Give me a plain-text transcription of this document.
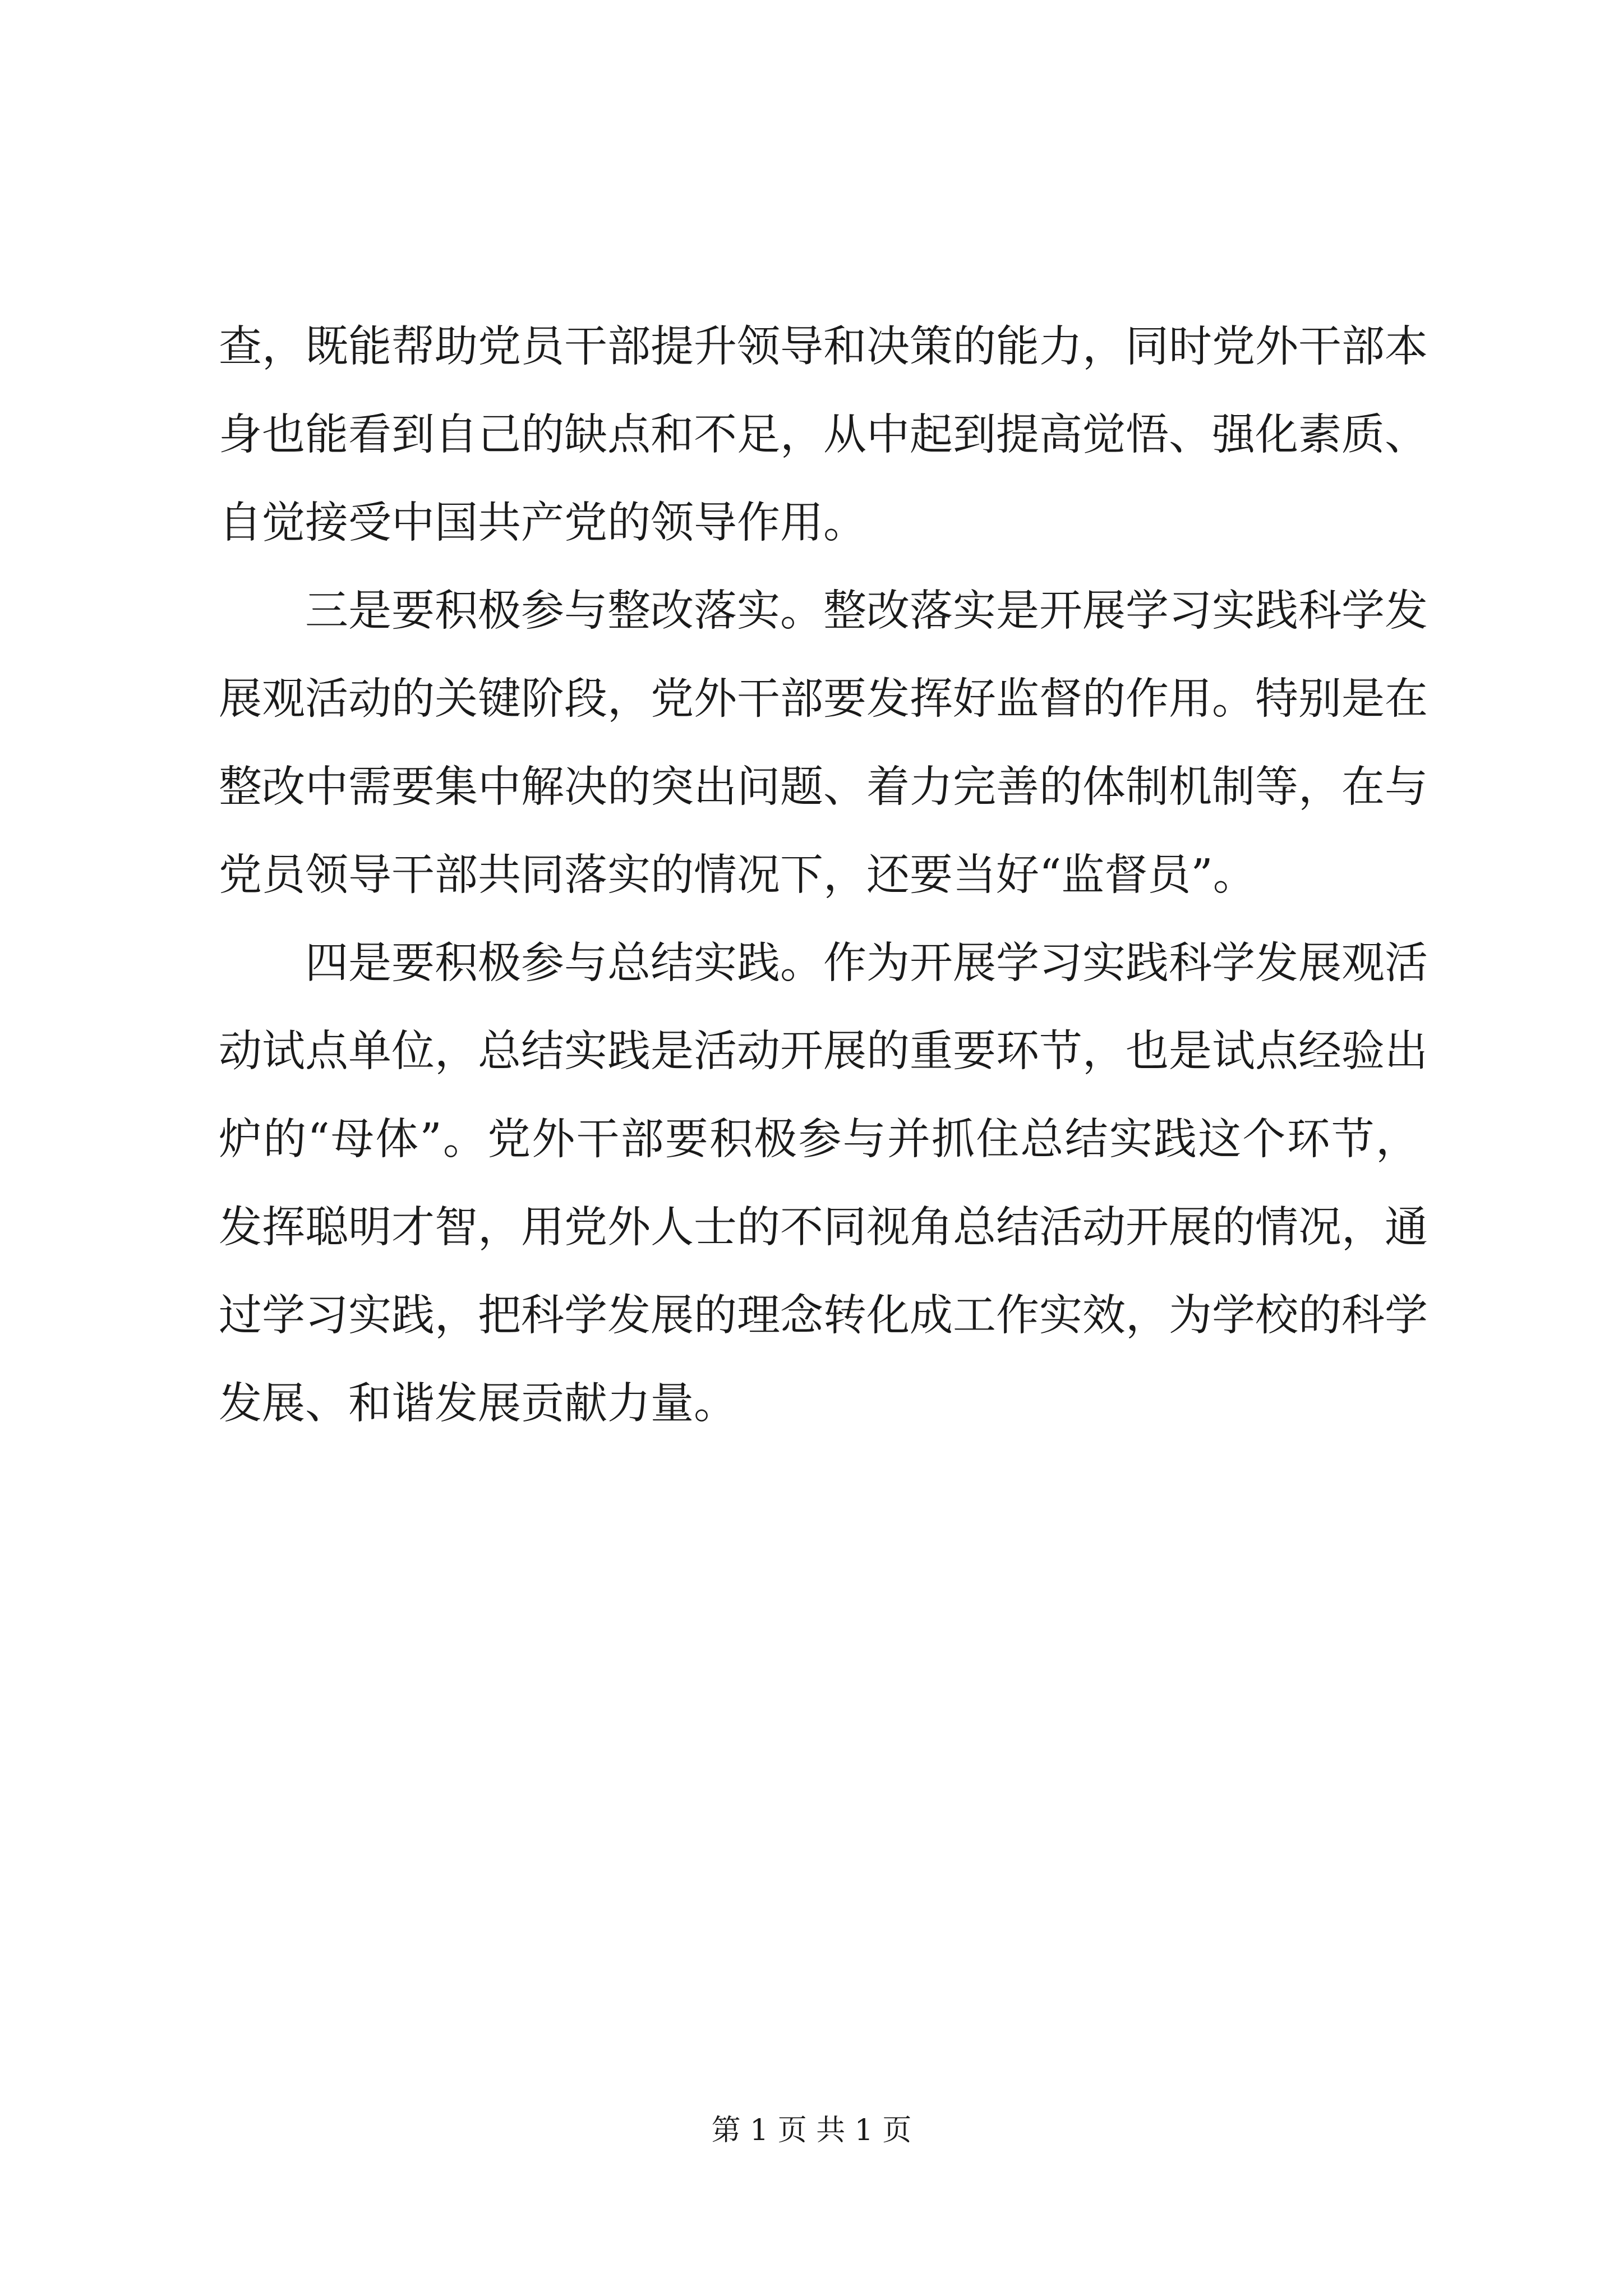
查，既能帮助党员干部提升领导和决策的能力，同时党外干部本
身也能看到自己的缺点和不足，从中起到提高觉悟、强化素质、
自觉接受中国共产党的领导作用。
三是要积极参与整改落实。整改落实是开展学习实践科学发
展观活动的关键阶段，党外干部要发挥好监督的作用。特别是在
整改中需要集中解决的突出问题、着力完善的体制机制等，在与
党员领导干部共同落实的情况下，还要当好“监督员”。
四是要积极参与总结实践。作为开展学习实践科学发展观活
动试点单位，总结实践是活动开展的重要环节，也是试点经验出
炉的“母体”。党外干部要积极参与并抓住总结实践这个环节，
发挥聪明才智，用党外人士的不同视角总结活动开展的情况，通
过学习实践，把科学发展的理念转化成工作实效，为学校的科学
发展、和谐发展贡献力量。
第 1 页 共 1 页
